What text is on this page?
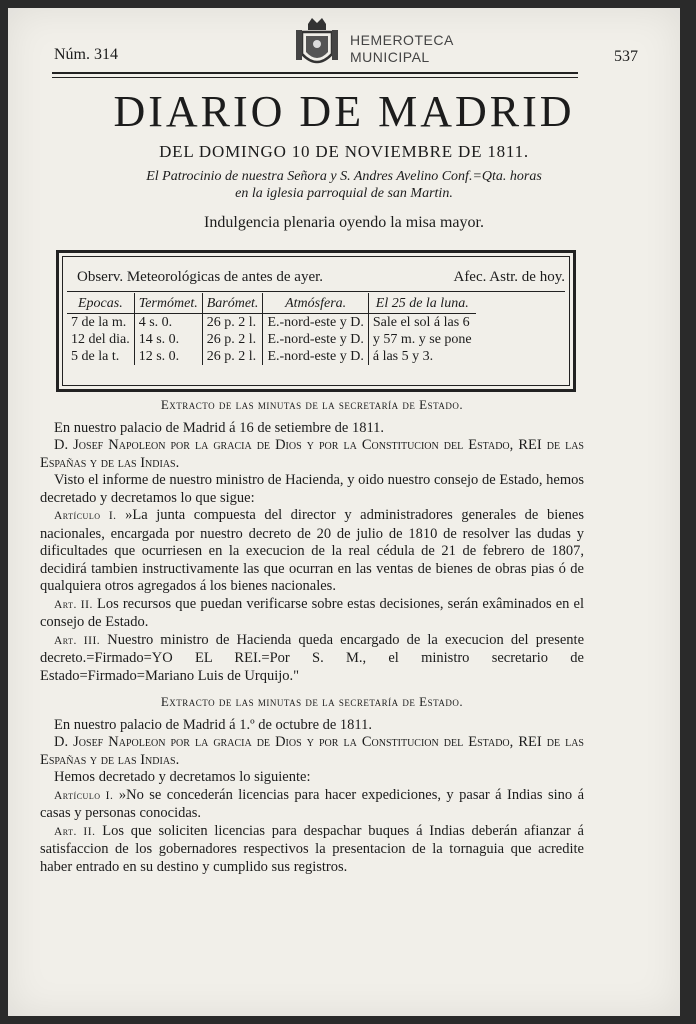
Núm. 314	537
HEMEROTECA
MUNICIPAL
DIARIO DE MADRID
DEL DOMINGO 10 DE NOVIEMBRE DE 1811.
El Patrocinio de nuestra Señora y S. Andres Avelino Conf.=Qta. horas
en la iglesia parroquial de san Martin.
Indulgencia plenaria oyendo la misa mayor.
Observ. Meteorológicas de antes de ayer.	Afec. Astr. de hoy.
Epocas.	Termómet.	Barómet.	Atmósfera.	El 25 de la luna.
7 de la m.	4 s. 0.	26 p. 2 l.	E.-nord-este y D.	Sale el sol á las 6
12 del dia.	14 s. 0.	26 p. 2 l.	E.-nord-este y D.	y 57 m. y se pone
5 de la t.	12 s. 0.	26 p. 2 l.	E.-nord-este y D.	á las 5 y 3.

Extracto de las minutas de la secretaría de Estado.

En nuestro palacio de Madrid á 16 de setiembre de 1811.

D. Josef Napoleon por la gracia de Dios y por la Constitucion del Estado, REI de las Españas y de las Indias.

Visto el informe de nuestro ministro de Hacienda, y oido nuestro consejo de Estado, hemos decretado y decretamos lo que sigue:

Artículo I. »La junta compuesta del director y administradores generales de bienes nacionales, encargada por nuestro decreto de 20 de julio de 1810 de resolver las dudas y dificultades que ocurriesen en la execucion de la real cédula de 21 de febrero de 1807, decidirá tambien instructivamente las que ocurran en las ventas de bienes de obras pias ó de qualquiera otros agregados á los bienes nacionales.

Art. II. Los recursos que puedan verificarse sobre estas decisiones, serán exâminados en el consejo de Estado.

Art. III. Nuestro ministro de Hacienda queda encargado de la execucion del presente decreto.=Firmado=YO EL REI.=Por S. M., el ministro secretario de Estado=Firmado=Mariano Luis de Urquijo."

Extracto de las minutas de la secretaría de Estado.

En nuestro palacio de Madrid á 1.º de octubre de 1811.

D. Josef Napoleon por la gracia de Dios y por la Constitucion del Estado, REI de las Españas y de las Indias.

Hemos decretado y decretamos lo siguiente:

Artículo I. »No se concederán licencias para hacer expediciones, y pasar á Indias sino á casas y personas conocidas.

Art. II. Los que soliciten licencias para despachar buques á Indias deberán afianzar á satisfaccion de los gobernadores respectivos la presentacion de la tornaguia que acredite haber entrado en su destino y cumplido sus registros.
